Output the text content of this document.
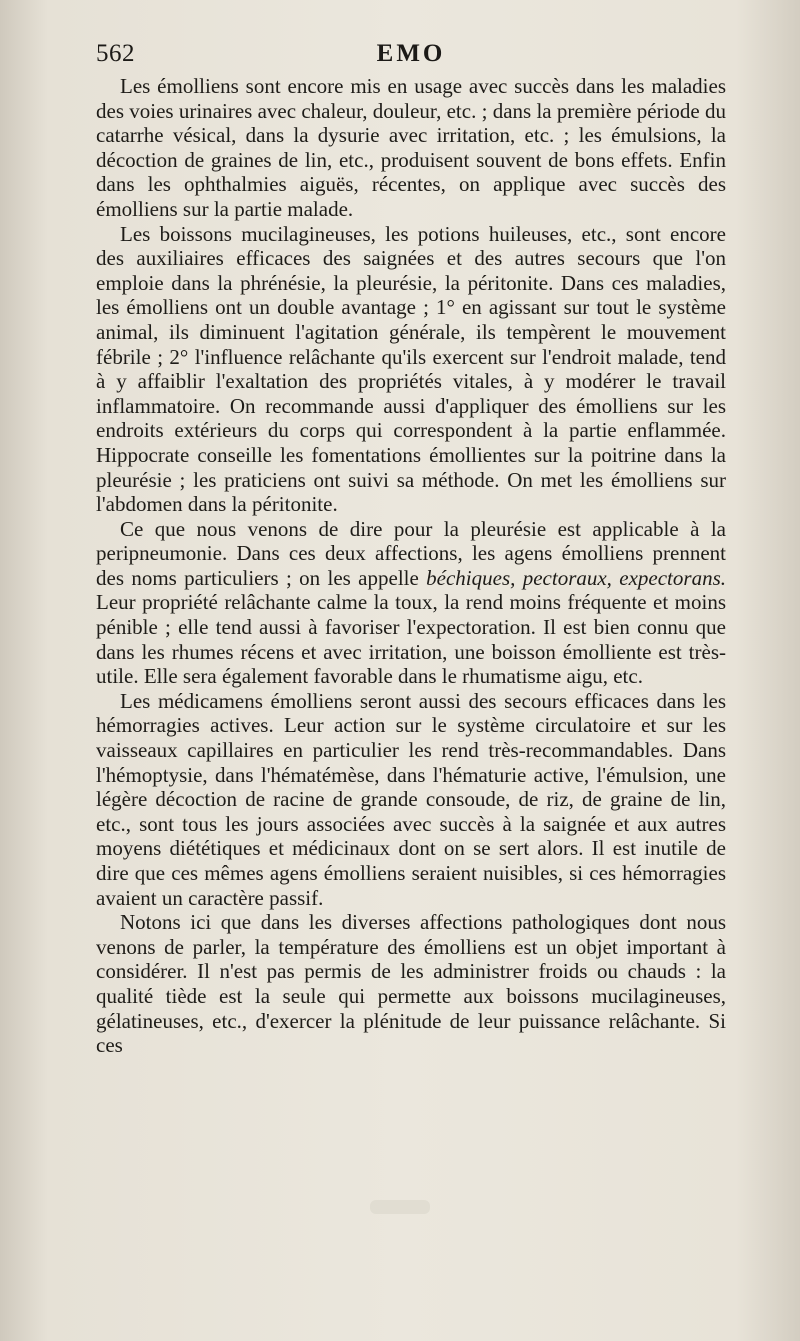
562	EMO

Les émolliens sont encore mis en usage avec succès dans les maladies des voies urinaires avec chaleur, douleur, etc. ; dans la première période du catarrhe vésical, dans la dysurie avec irritation, etc. ; les émulsions, la décoction de graines de lin, etc., produisent souvent de bons effets. Enfin dans les ophthalmies aiguës, récentes, on applique avec succès des émolliens sur la partie malade.

Les boissons mucilagineuses, les potions huileuses, etc., sont encore des auxiliaires efficaces des saignées et des autres secours que l'on emploie dans la phrénésie, la pleurésie, la péritonite. Dans ces maladies, les émolliens ont un double avantage ; 1° en agissant sur tout le système animal, ils diminuent l'agitation générale, ils tempèrent le mouvement fébrile ; 2° l'influence relâchante qu'ils exercent sur l'endroit malade, tend à y affaiblir l'exaltation des propriétés vitales, à y modérer le travail inflammatoire. On recommande aussi d'appliquer des émolliens sur les endroits extérieurs du corps qui correspondent à la partie enflammée. Hippocrate conseille les fomentations émollientes sur la poitrine dans la pleurésie ; les praticiens ont suivi sa méthode. On met les émolliens sur l'abdomen dans la péritonite.

Ce que nous venons de dire pour la pleurésie est applicable à la peripneumonie. Dans ces deux affections, les agens émolliens prennent des noms particuliers ; on les appelle béchiques, pectoraux, expectorans. Leur propriété relâchante calme la toux, la rend moins fréquente et moins pénible ; elle tend aussi à favoriser l'expectoration. Il est bien connu que dans les rhumes récens et avec irritation, une boisson émolliente est très-utile. Elle sera également favorable dans le rhumatisme aigu, etc.

Les médicamens émolliens seront aussi des secours efficaces dans les hémorragies actives. Leur action sur le système circulatoire et sur les vaisseaux capillaires en particulier les rend très-recommandables. Dans l'hémoptysie, dans l'hématémèse, dans l'hématurie active, l'émulsion, une légère décoction de racine de grande consoude, de riz, de graine de lin, etc., sont tous les jours associées avec succès à la saignée et aux autres moyens diététiques et médicinaux dont on se sert alors. Il est inutile de dire que ces mêmes agens émolliens seraient nuisibles, si ces hémorragies avaient un caractère passif.

Notons ici que dans les diverses affections pathologiques dont nous venons de parler, la température des émolliens est un objet important à considérer. Il n'est pas permis de les administrer froids ou chauds : la qualité tiède est la seule qui permette aux boissons mucilagineuses, gélatineuses, etc., d'exercer la plénitude de leur puissance relâchante. Si ces
